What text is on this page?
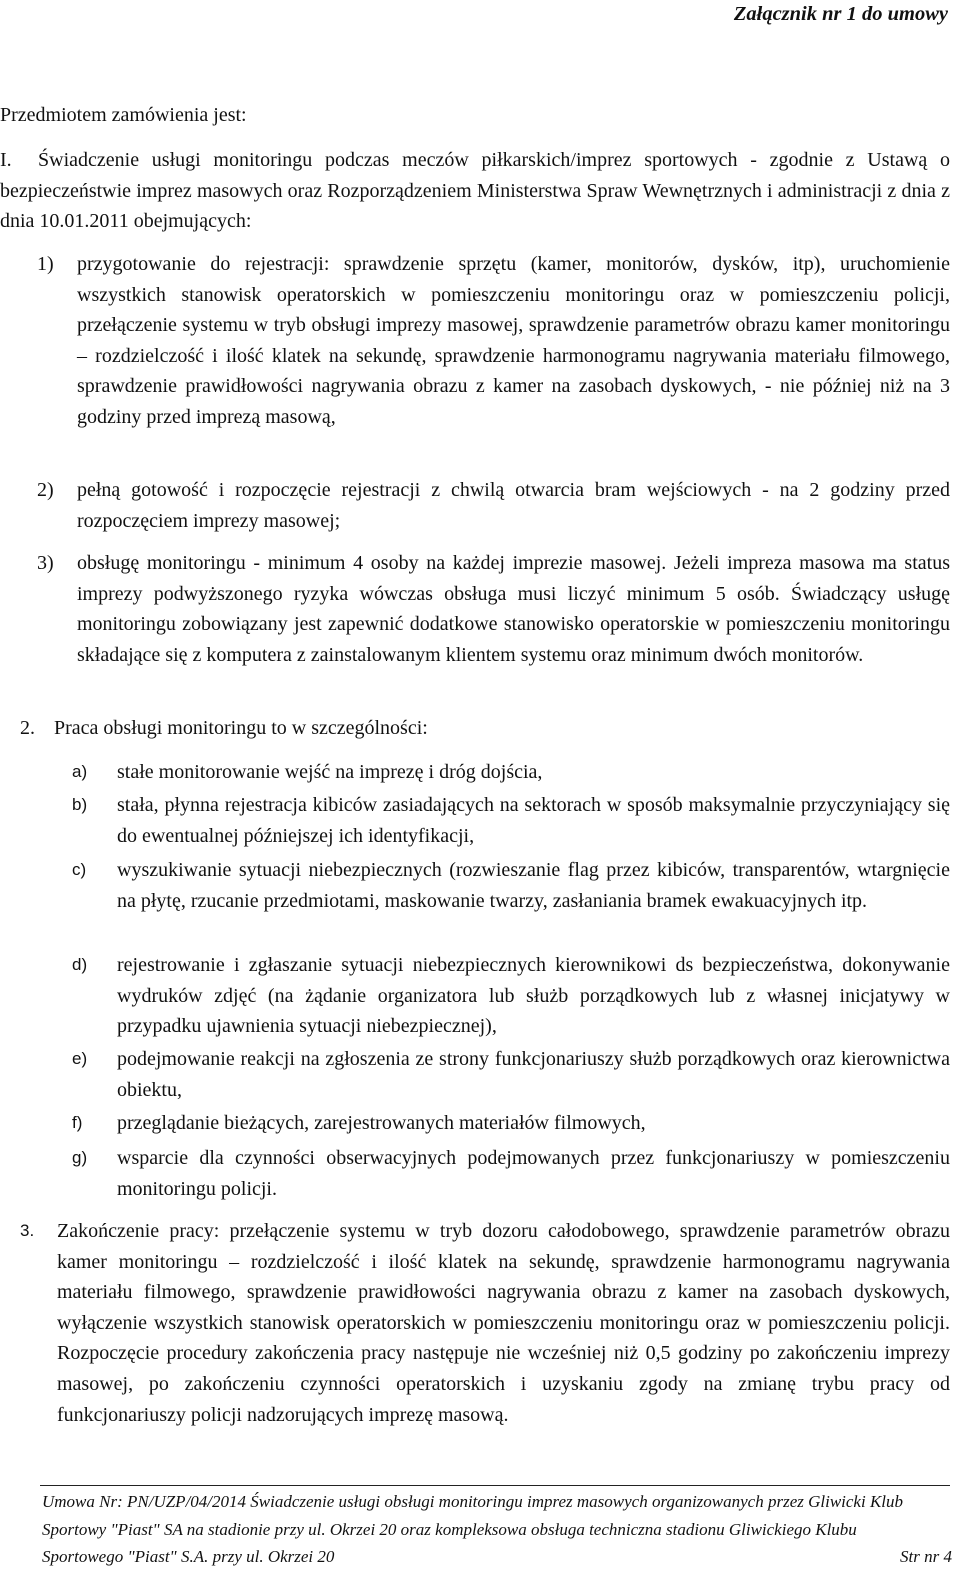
Załącznik nr 1 do umowy

Przedmiotem zamówienia jest:

I.	Świadczenie usługi monitoringu podczas meczów piłkarskich/imprez sportowych - zgodnie z Ustawą o bezpieczeństwie imprez masowych oraz Rozporządzeniem Ministerstwa Spraw Wewnętrznych i administracji z dnia z dnia 10.01.2011 obejmujących:

1) przygotowanie do rejestracji: sprawdzenie sprzętu (kamer, monitorów, dysków, itp), uruchomienie wszystkich stanowisk operatorskich w pomieszczeniu monitoringu oraz w pomieszczeniu policji, przełączenie systemu w tryb obsługi imprezy masowej, sprawdzenie parametrów obrazu kamer monitoringu – rozdzielczość i ilość klatek na sekundę, sprawdzenie harmonogramu nagrywania materiału filmowego, sprawdzenie prawidłowości nagrywania obrazu z kamer na zasobach dyskowych, - nie później niż na 3 godziny przed imprezą masową,

2) pełną gotowość i rozpoczęcie rejestracji z chwilą otwarcia bram wejściowych - na 2 godziny przed rozpoczęciem imprezy masowej;

3) obsługę monitoringu - minimum 4 osoby na każdej imprezie masowej. Jeżeli impreza masowa ma status imprezy podwyższonego ryzyka wówczas obsługa musi liczyć minimum 5 osób. Świadczący usługę monitoringu zobowiązany jest zapewnić dodatkowe stanowisko operatorskie w pomieszczeniu monitoringu składające się z komputera z zainstalowanym klientem systemu oraz minimum dwóch monitorów.

2. Praca obsługi monitoringu to w szczególności:

a) stałe monitorowanie wejść na imprezę i dróg dojścia,

b) stała, płynna rejestracja kibiców zasiadających na sektorach w sposób maksymalnie przyczyniający się do ewentualnej późniejszej ich identyfikacji,

c) wyszukiwanie sytuacji niebezpiecznych (rozwieszanie flag przez kibiców, transparentów, wtargnięcie na płytę, rzucanie przedmiotami, maskowanie twarzy, zasłaniania bramek ewakuacyjnych itp.

d) rejestrowanie i zgłaszanie sytuacji niebezpiecznych kierownikowi ds bezpieczeństwa, dokonywanie wydruków zdjęć (na żądanie organizatora lub służb porządkowych lub z własnej inicjatywy w przypadku ujawnienia sytuacji niebezpiecznej),

e) podejmowanie reakcji na zgłoszenia ze strony funkcjonariuszy służb porządkowych oraz kierownictwa obiektu,

f) przeglądanie bieżących, zarejestrowanych materiałów filmowych,

g) wsparcie dla czynności obserwacyjnych podejmowanych przez funkcjonariuszy w pomieszczeniu monitoringu policji.

3. Zakończenie pracy: przełączenie systemu w tryb dozoru całodobowego, sprawdzenie parametrów obrazu kamer monitoringu – rozdzielczość i ilość klatek na sekundę, sprawdzenie harmonogramu nagrywania materiału filmowego, sprawdzenie prawidłowości nagrywania obrazu z kamer na zasobach dyskowych, wyłączenie wszystkich stanowisk operatorskich w pomieszczeniu monitoringu oraz w pomieszczeniu policji. Rozpoczęcie procedury zakończenia pracy następuje nie wcześniej niż 0,5 godziny po zakończeniu imprezy masowej, po zakończeniu czynności operatorskich i uzyskaniu zgody na zmianę trybu pracy od funkcjonariuszy policji nadzorujących imprezę masową.

Umowa Nr: PN/UZP/04/2014 Świadczenie usługi obsługi monitoringu imprez masowych organizowanych przez Gliwicki Klub Sportowy "Piast" SA na stadionie przy ul. Okrzei 20 oraz kompleksowa obsługa techniczna stadionu Gliwickiego Klubu Sportowego "Piast" S.A. przy ul. Okrzei 20	Str nr 4
